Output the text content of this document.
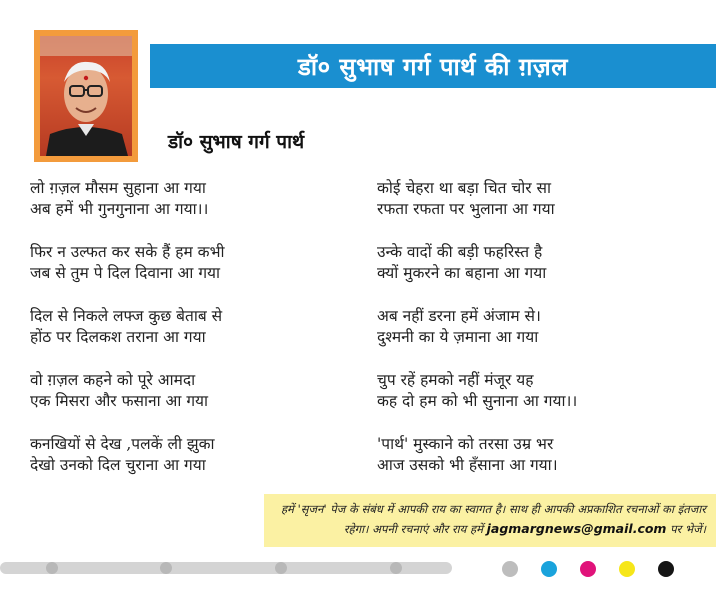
डॉ० सुभाष गर्ग पार्थ की ग़ज़ल
डॉ० सुभाष गर्ग पार्थ
लो ग़ज़ल मौसम सुहाना आ गया
अब हमें भी गुनगुनाना आ गया।।
फिर न उल्फत कर सके हैं हम कभी
जब से तुम पे दिल दिवाना आ गया
दिल से निकले लफ्ज कुछ बेताब से
होंठ पर दिलकश तराना आ गया
वो ग़ज़ल कहने को पूरे आमदा
एक मिसरा और फसाना आ गया
कनखियों से देख ,पलकें ली झुका
देखो उनको दिल चुराना आ गया
कोई चेहरा था बड़ा चित चोर सा
रफता रफता पर भुलाना आ गया
उन्के वादों की बड़ी फहरिस्त है
क्यों मुकरने का बहाना आ गया
अब नहीं डरना हमें अंजाम से।
दुश्मनी का ये ज़माना आ गया
चुप रहें हमको नहीं मंजूर यह
कह दो हम को भी सुनाना आ गया।।
'पार्थ' मुस्काने को तरसा उम्र भर
आज उसको भी हँसाना आ गया।
हमें 'सृजन' पेज के संबंध में आपकी राय का स्वागत है। साथ ही आपकी अप्रकाशित रचनाओं का इंतजार
रहेगा। अपनी रचनाएं और राय हमें jagmargnews@gmail.com पर भेजें।
